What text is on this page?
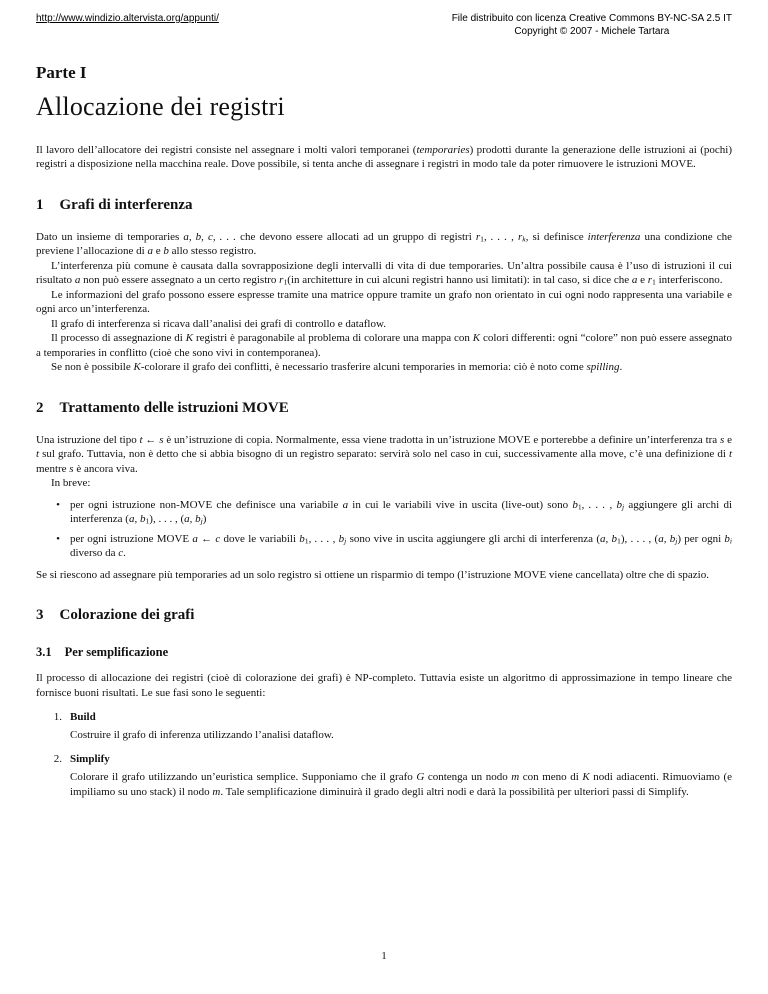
http://www.windizio.altervista.org/appunti/	File distribuito con licenza Creative Commons BY-NC-SA 2.5 IT
Copyright © 2007 - Michele Tartara
Parte I
Allocazione dei registri

Il lavoro dell’allocatore dei registri consiste nel assegnare i molti valori temporanei (temporaries) prodotti durante la generazione delle istruzioni ai (pochi) registri a disposizione nella macchina reale. Dove possibile, si tenta anche di assegnare i registri in modo tale da poter rimuovere le istruzioni MOVE.

1 Grafi di interferenza

Dato un insieme di temporaries a, b, c, . . . che devono essere allocati ad un gruppo di registri $r_1$, . . . , $r_k$, si definisce interferenza una condizione che previene l’allocazione di a e b allo stesso registro.

L’interferenza più comune è causata dalla sovrapposizione degli intervalli di vita di due temporaries. Un’altra possibile causa è l’uso di istruzioni il cui risultato a non può essere assegnato a un certo registro $r_1(in$ architetture in cui alcuni registri hanno usi limitati): in tal caso, si dice che a e $r_1$ interferiscono.

Le informazioni del grafo possono essere espresse tramite una matrice oppure tramite un grafo non orientato in cui ogni nodo rappresenta una variabile e ogni arco un’interferenza.

Il grafo di interferenza si ricava dall’analisi dei grafi di controllo e dataflow.

Il processo di assegnazione di K registri è paragonabile al problema di colorare una mappa con K colori differenti: ogni “colore” non può essere assegnato a temporaries in conflitto (cioè che sono vivi in contemporanea).

Se non è possibile K-colorare il grafo dei conflitti, è necessario trasferire alcuni temporaries in memoria: ciò è noto come spilling.

2 Trattamento delle istruzioni MOVE

Una istruzione del tipo t ← s è un’istruzione di copia. Normalmente, essa viene tradotta in un’istruzione MOVE e porterebbe a definire un’interferenza tra s e t sul grafo. Tuttavia, non è detto che si abbia bisogno di un registro separato: servirà solo nel caso in cui, successivamente alla move, c’è una definizione di t mentre s è ancora viva.

In breve:

• per ogni istruzione non-MOVE che definisce una variabile a in cui le variabili vive in uscita (live-out) sono $b_1$, . . . , $b_j$ aggiungere gli archi di interferenza (a, $b_1$), . . . , (a, $b_j$)
• per ogni istruzione MOVE a ← c dove le variabili $b_1$, . . . , $b_j$ sono vive in uscita aggiungere gli archi di interferenza (a, $b_1$), . . . , (a, $b_j$) per ogni $b_i$ diverso da c.

Se si riescono ad assegnare più temporaries ad un solo registro si ottiene un risparmio di tempo (l’istruzione MOVE viene cancellata) oltre che di spazio.

3 Colorazione dei grafi
3.1 Per semplificazione

Il processo di allocazione dei registri (cioè di colorazione dei grafi) è NP-completo. Tuttavia esiste un algoritmo di approssimazione in tempo lineare che fornisce buoni risultati. Le sue fasi sono le seguenti:

1. Build

Costruire il grafo di inferenza utilizzando l’analisi dataflow.

2. Simplify

Colorare il grafo utilizzando un’euristica semplice. Supponiamo che il grafo G contenga un nodo m con meno di K nodi adiacenti. Rimuoviamo (e impiliamo su uno stack) il nodo m. Tale semplificazione diminuirà il grado degli altri nodi e darà la possibilità per ulteriori passi di Simplify.

1
